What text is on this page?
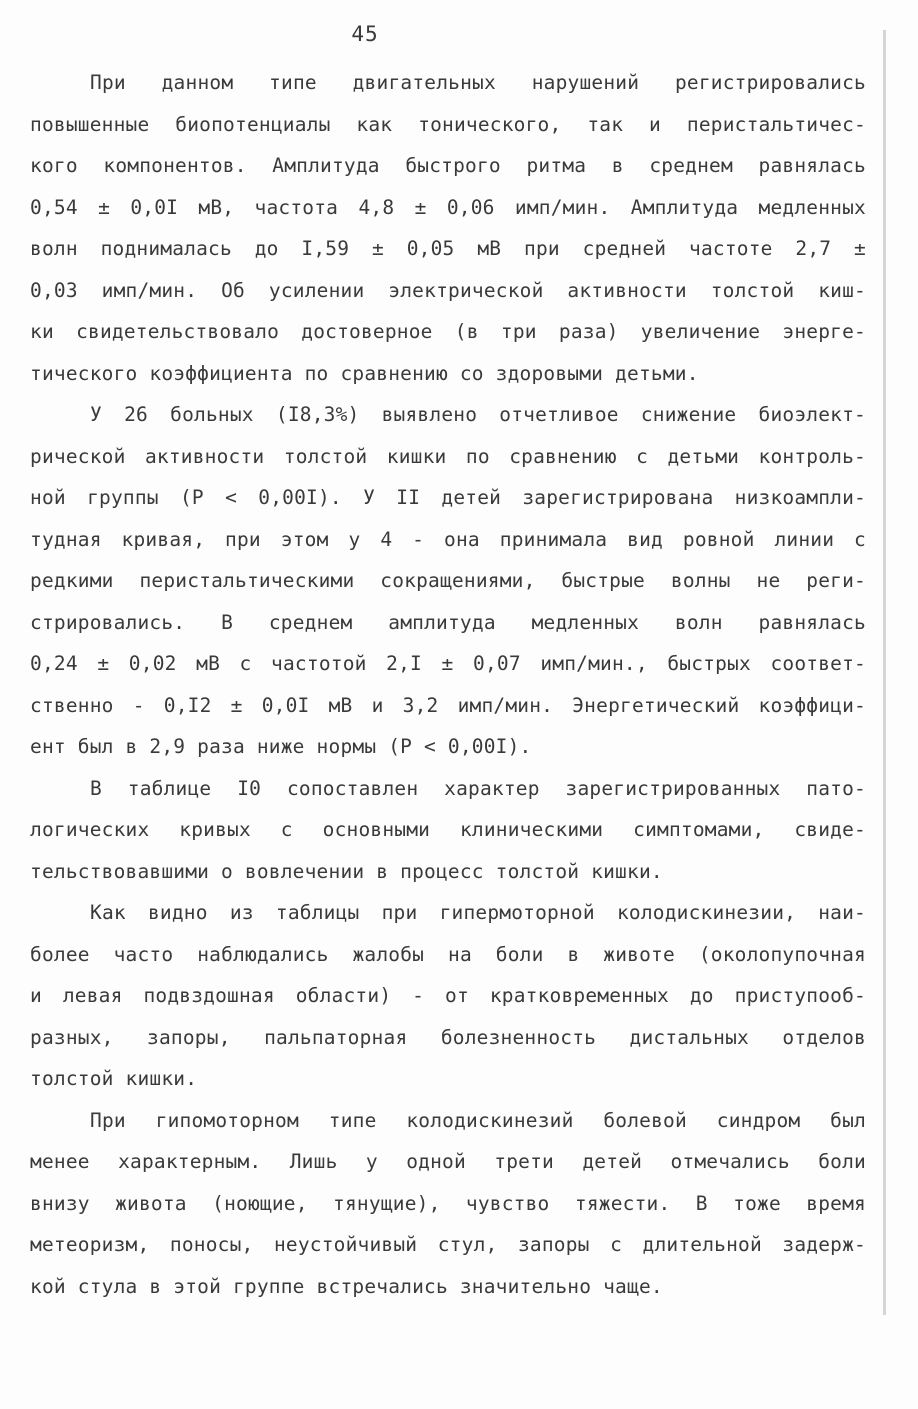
45
При данном типе двигательных нарушений регистрировались
повышенные биопотенциалы как тонического, так и перистальтичес-
кого компонентов. Амплитуда быстрого ритма в среднем равнялась
0,54 ± 0,0I мВ, частота 4,8 ± 0,06 имп/мин. Амплитуда медленных
волн поднималась до I,59 ± 0,05 мВ при средней частоте 2,7 ±
0,03 имп/мин. Об усилении электрической активности толстой киш-
ки свидетельствовало достоверное (в три раза) увеличение энерге-
тического коэффициента по сравнению со здоровыми детьми.
У 26 больных (I8,3%) выявлено отчетливое снижение биоэлект-
рической активности толстой кишки по сравнению с детьми контроль-
ной группы (Р < 0,00I). У II детей зарегистрирована низкоампли-
тудная кривая, при этом у 4 - она принимала вид ровной линии с
редкими перистальтическими сокращениями, быстрые волны не реги-
стрировались. В среднем амплитуда медленных волн равнялась
0,24 ± 0,02 мВ с частотой 2,I ± 0,07 имп/мин., быстрых соответ-
ственно - 0,I2 ± 0,0I мВ и 3,2 имп/мин. Энергетический коэффици-
ент был в 2,9 раза ниже нормы (Р < 0,00I).
В таблице I0 сопоставлен характер зарегистрированных пато-
логических кривых с основными клиническими симптомами, свиде-
тельствовавшими о вовлечении в процесс толстой кишки.
Как видно из таблицы при гипермоторной колодискинезии, наи-
более часто наблюдались жалобы на боли в животе (околопупочная
и левая подвздошная области) - от кратковременных до приступооб-
разных, запоры, пальпаторная болезненность дистальных отделов
толстой кишки.
При гипомоторном типе колодискинезий болевой синдром был
менее характерным. Лишь у одной трети детей отмечались боли
внизу живота (ноющие, тянущие), чувство тяжести. В тоже время
метеоризм, поносы, неустойчивый стул, запоры с длительной задерж-
кой стула в этой группе встречались значительно чаще.
